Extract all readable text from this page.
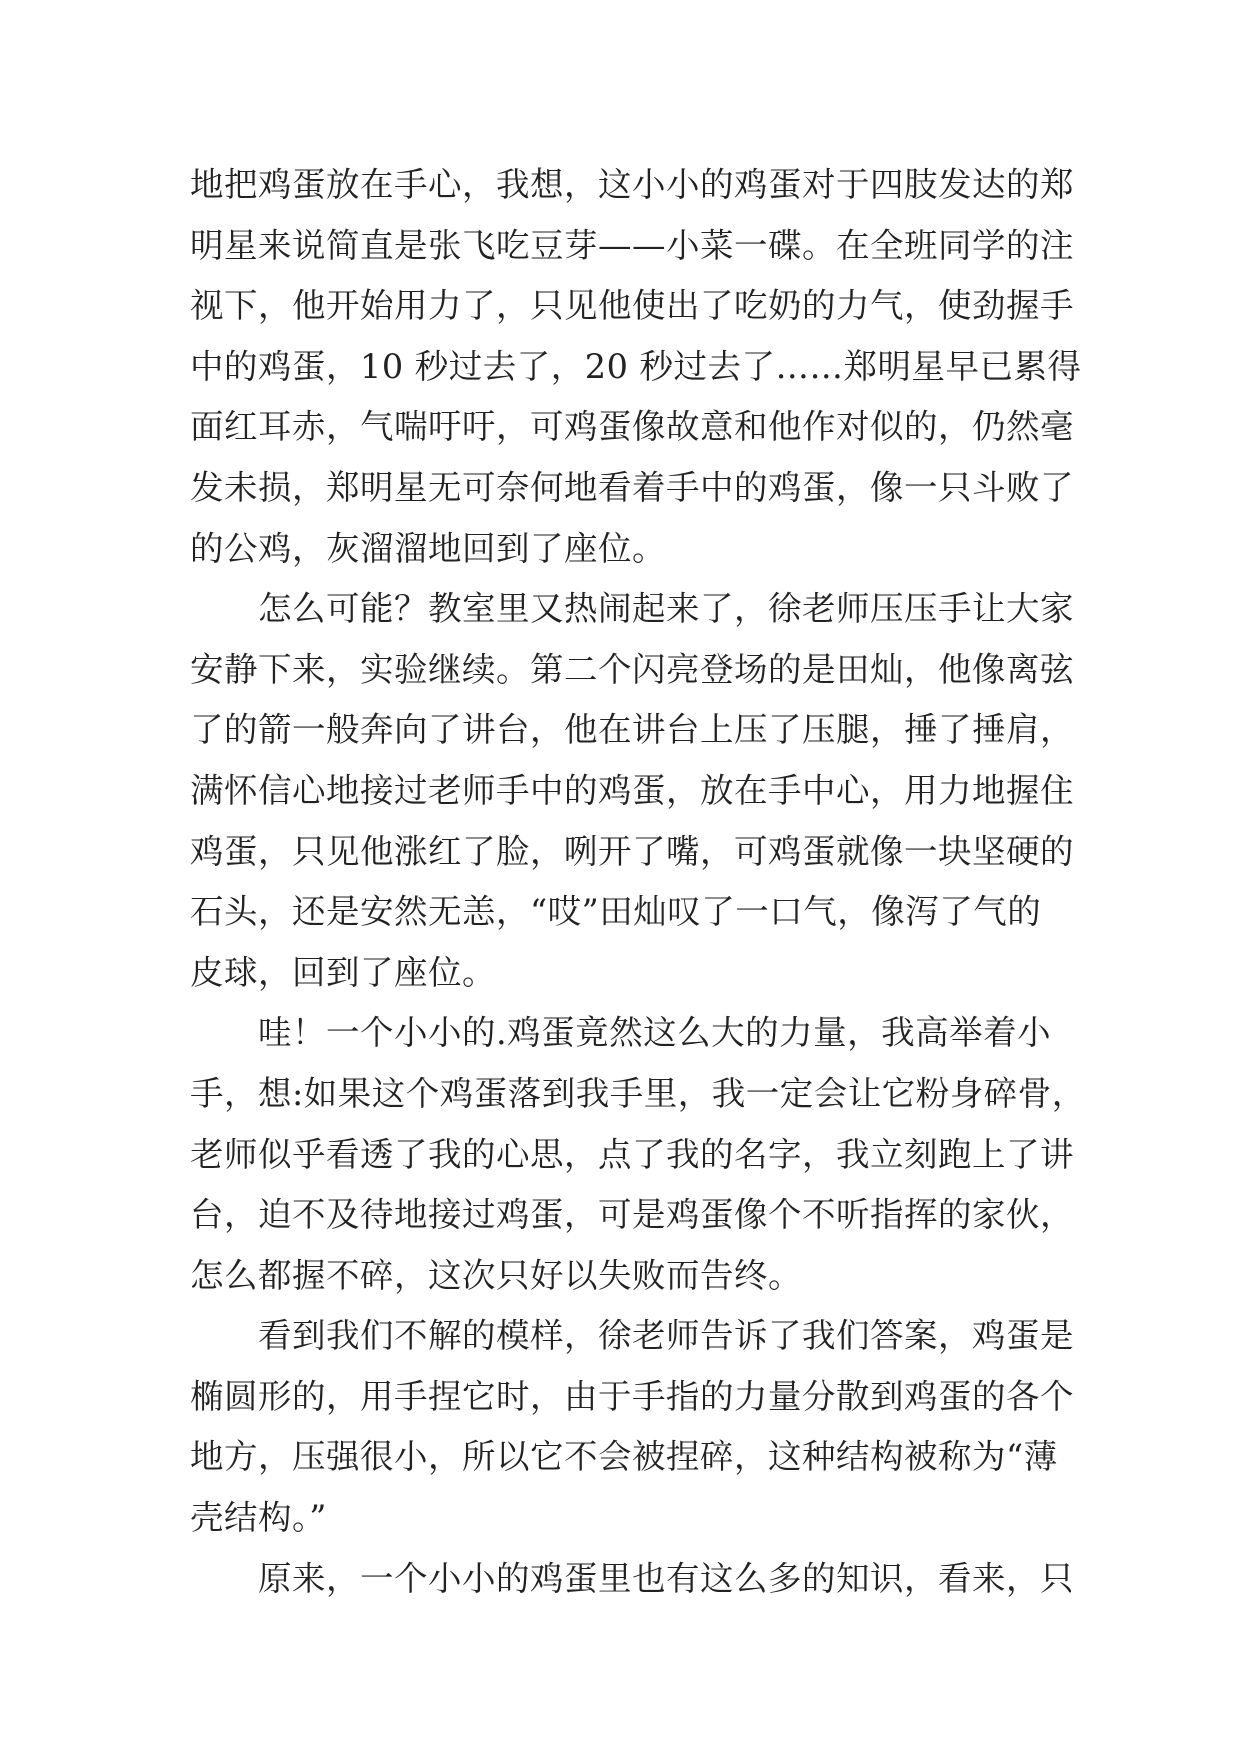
地把鸡蛋放在手心，我想，这小小的鸡蛋对于四肢发达的郑
明星来说简直是张飞吃豆芽——小菜一碟。在全班同学的注
视下，他开始用力了，只见他使出了吃奶的力气，使劲握手
中的鸡蛋，10 秒过去了，20 秒过去了……郑明星早已累得
面红耳赤，气喘吁吁，可鸡蛋像故意和他作对似的，仍然毫
发未损，郑明星无可奈何地看着手中的鸡蛋，像一只斗败了
的公鸡，灰溜溜地回到了座位。
怎么可能？教室里又热闹起来了，徐老师压压手让大家
安静下来，实验继续。第二个闪亮登场的是田灿，他像离弦
了的箭一般奔向了讲台，他在讲台上压了压腿，捶了捶肩，
满怀信心地接过老师手中的鸡蛋，放在手中心，用力地握住
鸡蛋，只见他涨红了脸，咧开了嘴，可鸡蛋就像一块坚硬的
石头，还是安然无恙，“哎”田灿叹了一口气，像泻了气的
皮球，回到了座位。
哇！一个小小的.鸡蛋竟然这么大的力量，我高举着小
手，想:如果这个鸡蛋落到我手里，我一定会让它粉身碎骨，
老师似乎看透了我的心思，点了我的名字，我立刻跑上了讲
台，迫不及待地接过鸡蛋，可是鸡蛋像个不听指挥的家伙，
怎么都握不碎，这次只好以失败而告终。
看到我们不解的模样，徐老师告诉了我们答案，鸡蛋是
椭圆形的，用手捏它时，由于手指的力量分散到鸡蛋的各个
地方，压强很小，所以它不会被捏碎，这种结构被称为“薄
壳结构。”
原来，一个小小的鸡蛋里也有这么多的知识，看来，只
